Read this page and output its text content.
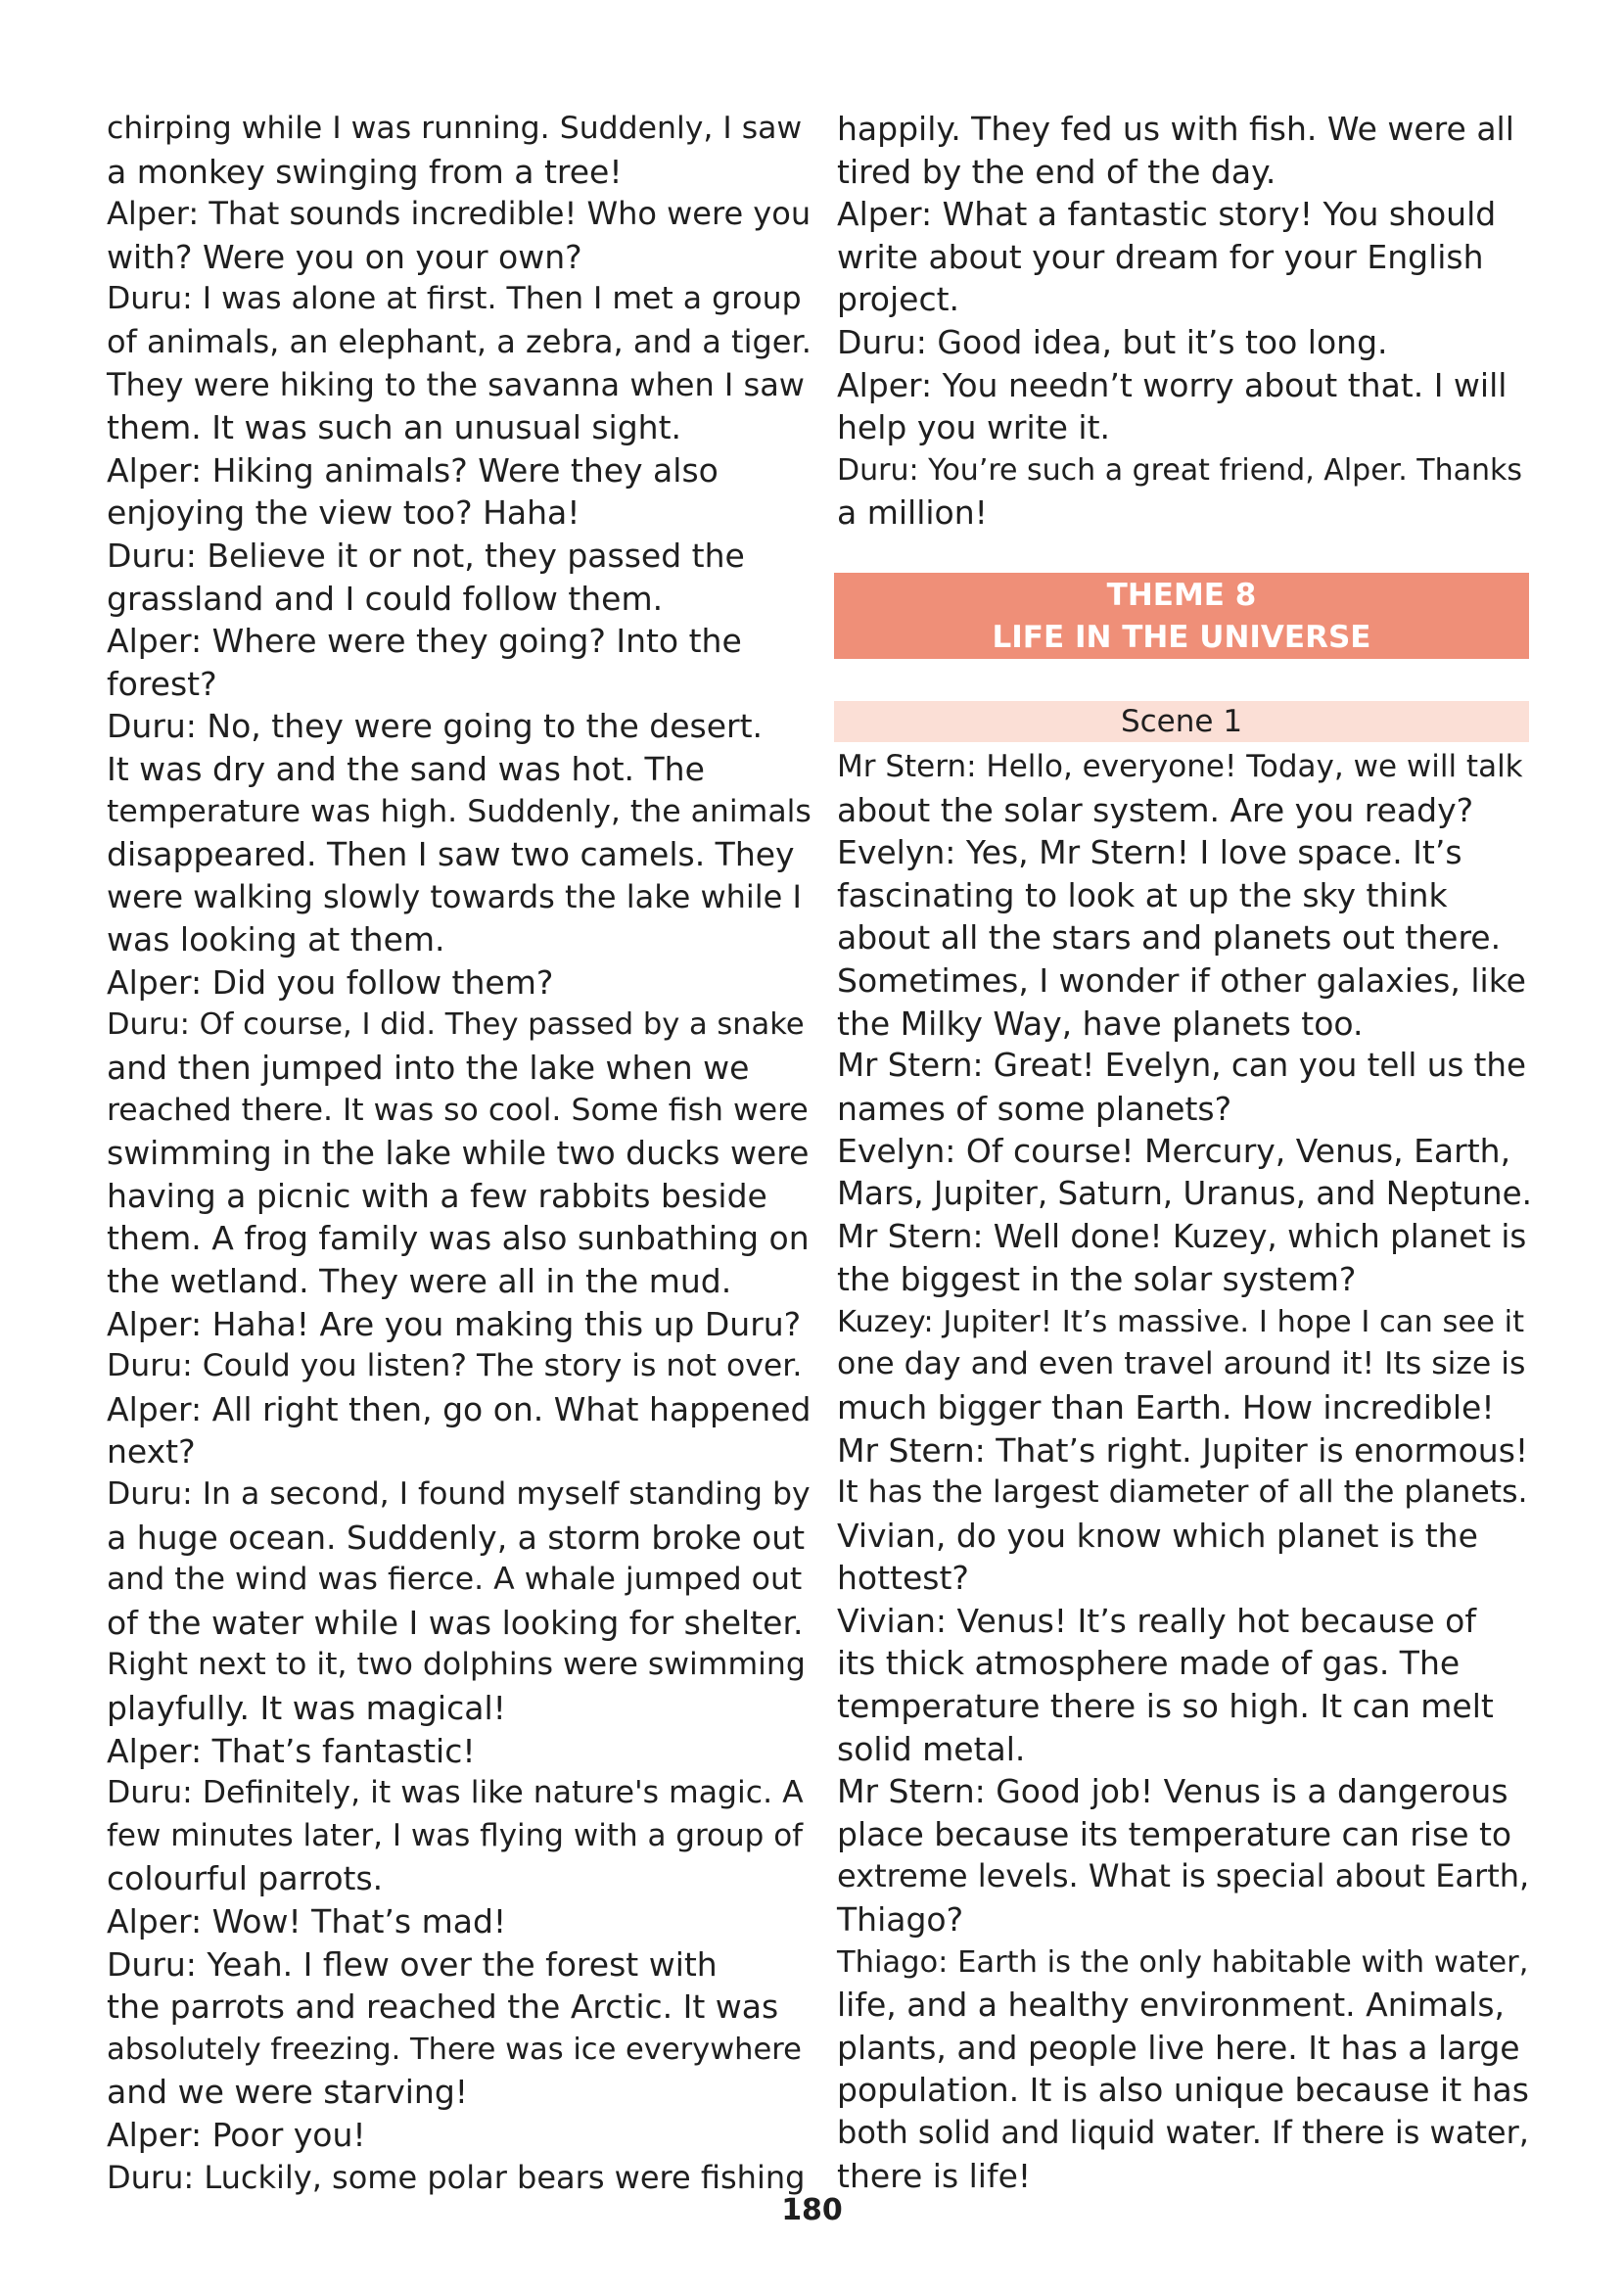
chirping while I was running. Suddenly, I saw
a monkey swinging from a tree!
Alper: That sounds incredible! Who were you
with? Were you on your own?
Duru: I was alone at first. Then I met a group
of animals, an elephant, a zebra, and a tiger.
They were hiking to the savanna when I saw
them. It was such an unusual sight.
Alper: Hiking animals? Were they also
enjoying the view too? Haha!
Duru: Believe it or not, they passed the
grassland and I could follow them.
Alper: Where were they going? Into the
forest?
Duru: No, they were going to the desert.
It was dry and the sand was hot. The
temperature was high. Suddenly, the animals
disappeared. Then I saw two camels. They
were walking slowly towards the lake while I
was looking at them.
Alper: Did you follow them?
Duru: Of course, I did. They passed by a snake
and then jumped into the lake when we
reached there. It was so cool. Some fish were
swimming in the lake while two ducks were
having a picnic with a few rabbits beside
them. A frog family was also sunbathing on
the wetland. They were all in the mud.
Alper: Haha! Are you making this up Duru?
Duru: Could you listen? The story is not over.
Alper: All right then, go on. What happened
next?
Duru: In a second, I found myself standing by
a huge ocean. Suddenly, a storm broke out
and the wind was fierce. A whale jumped out
of the water while I was looking for shelter.
Right next to it, two dolphins were swimming
playfully. It was magical!
Alper: That’s fantastic!
Duru: Definitely, it was like nature's magic. A
few minutes later, I was flying with a group of
colourful parrots.
Alper: Wow! That’s mad!
Duru: Yeah. I flew over the forest with
the parrots and reached the Arctic. It was
absolutely freezing. There was ice everywhere
and we were starving!
Alper: Poor you!
Duru: Luckily, some polar bears were fishing
happily. They fed us with fish. We were all
tired by the end of the day.
Alper: What a fantastic story! You should
write about your dream for your English
project.
Duru: Good idea, but it’s too long.
Alper: You needn’t worry about that. I will
help you write it.
Duru: You’re such a great friend, Alper. Thanks
a million!
THEME 8
LIFE IN THE UNIVERSE
Scene 1
Mr Stern: Hello, everyone! Today, we will talk
about the solar system. Are you ready?
Evelyn: Yes, Mr Stern! I love space. It’s
fascinating to look at up the sky think
about all the stars and planets out there.
Sometimes, I wonder if other galaxies, like
the Milky Way, have planets too.
Mr Stern: Great! Evelyn, can you tell us the
names of some planets?
Evelyn: Of course! Mercury, Venus, Earth,
Mars, Jupiter, Saturn, Uranus, and Neptune.
Mr Stern: Well done! Kuzey, which planet is
the biggest in the solar system?
Kuzey: Jupiter! It’s massive. I hope I can see it
one day and even travel around it! Its size is
much bigger than Earth. How incredible!
Mr Stern: That’s right. Jupiter is enormous!
It has the largest diameter of all the planets.
Vivian, do you know which planet is the
hottest?
Vivian: Venus! It’s really hot because of
its thick atmosphere made of gas. The
temperature there is so high. It can melt
solid metal.
Mr Stern: Good job! Venus is a dangerous
place because its temperature can rise to
extreme levels. What is special about Earth,
Thiago?
Thiago: Earth is the only habitable with water,
life, and a healthy environment. Animals,
plants, and people live here. It has a large
population. It is also unique because it has
both solid and liquid water. If there is water,
there is life!
180
